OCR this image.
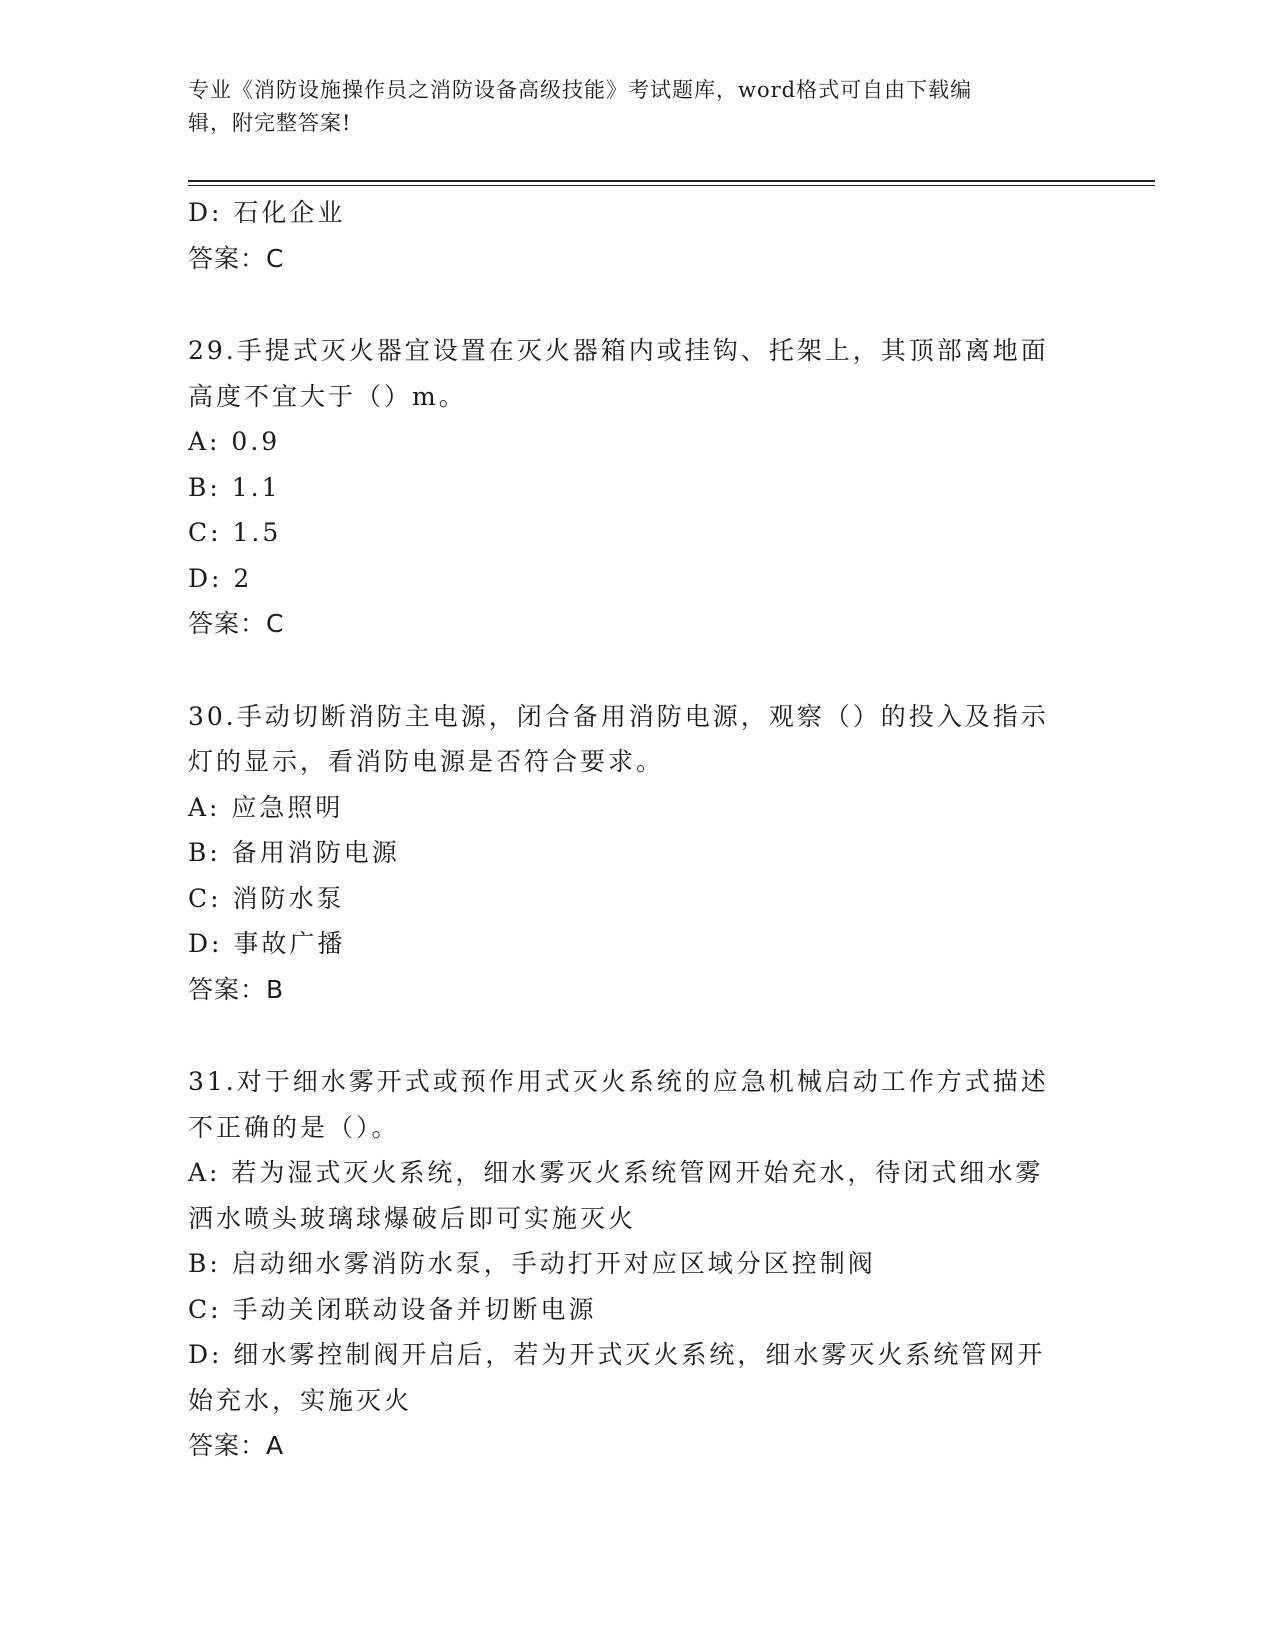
专业《消防设施操作员之消防设备高级技能》考试题库，word格式可自由下载编
辑，附完整答案!
D: 石化企业
答案：C
29.手提式灭火器宜设置在灭火器箱内或挂钩、托架上，其顶部离地面
高度不宜大于（）m。
A: 0.9
B: 1.1
C: 1.5
D: 2
答案：C
30.手动切断消防主电源，闭合备用消防电源，观察（）的投入及指示
灯的显示，看消防电源是否符合要求。
A: 应急照明
B: 备用消防电源
C: 消防水泵
D: 事故广播
答案：B
31.对于细水雾开式或预作用式灭火系统的应急机械启动工作方式描述
不正确的是（）。
A: 若为湿式灭火系统，细水雾灭火系统管网开始充水，待闭式细水雾
洒水喷头玻璃球爆破后即可实施灭火
B: 启动细水雾消防水泵，手动打开对应区域分区控制阀
C: 手动关闭联动设备并切断电源
D: 细水雾控制阀开启后，若为开式灭火系统，细水雾灭火系统管网开
始充水，实施灭火
答案：A
